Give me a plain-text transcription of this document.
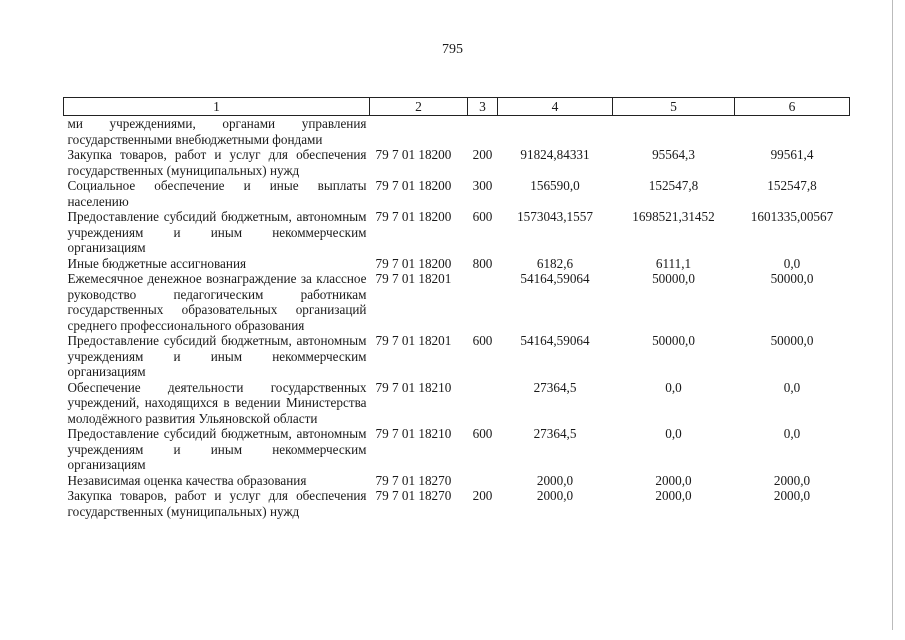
795
1	2	3	4	5	6
ми учреждениями, органами управления государственными внебюджетными фондами					
Закупка товаров, работ и услуг для обеспечения государственных (муниципальных) нужд	79 7 01 18200	200	91824,84331	95564,3	99561,4
Социальное обеспечение и иные выплаты населению	79 7 01 18200	300	156590,0	152547,8	152547,8
Предоставление субсидий бюджетным, автономным учреждениям и иным некоммерческим организациям	79 7 01 18200	600	1573043,1557	1698521,31452	1601335,00567
Иные бюджетные ассигнования	79 7 01 18200	800	6182,6	6111,1	0,0
Ежемесячное денежное вознаграждение за классное руководство педагогическим работникам государственных образовательных организаций среднего профессионального образования	79 7 01 18201		54164,59064	50000,0	50000,0
Предоставление субсидий бюджетным, автономным учреждениям и иным некоммерческим организациям	79 7 01 18201	600	54164,59064	50000,0	50000,0
Обеспечение деятельности государственных учреждений, находящихся в ведении Министерства молодёжного развития Ульяновской области	79 7 01 18210		27364,5	0,0	0,0
Предоставление субсидий бюджетным, автономным учреждениям и иным некоммерческим организациям	79 7 01 18210	600	27364,5	0,0	0,0
Независимая оценка качества образования	79 7 01 18270		2000,0	2000,0	2000,0
Закупка товаров, работ и услуг для обеспечения государственных (муниципальных) нужд	79 7 01 18270	200	2000,0	2000,0	2000,0
